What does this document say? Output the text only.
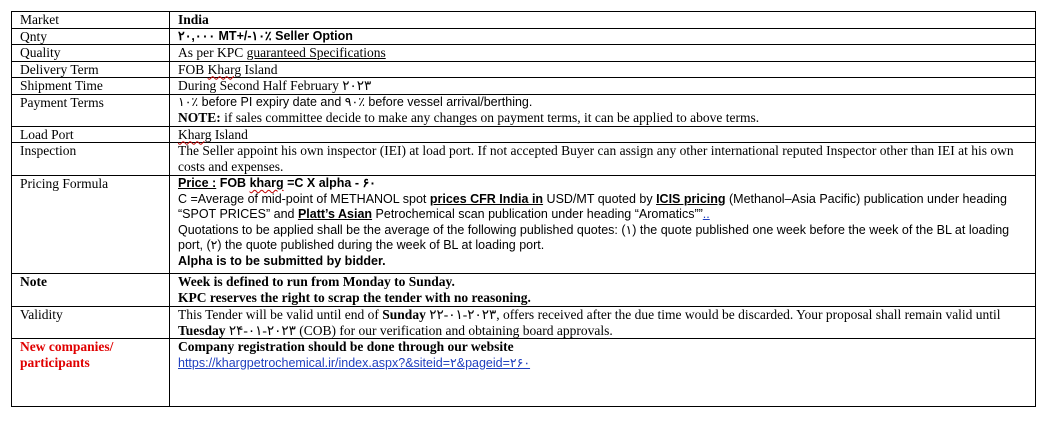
Market	India
Qnty	۲۰,۰۰۰ MT+/-۱۰٪ Seller Option
Quality	As per KPC guaranteed Specifications
Delivery Term	FOB Kharg Island
Shipment Time	During Second Half February ۲۰۲۳
Payment Terms	۱۰٪ before PI expiry date and ۹۰٪ before vessel arrival/berthing.
NOTE: if sales committee decide to make any changes on payment terms, it can be applied to above terms.

Load Port	Kharg Island
Inspection	The Seller appoint his own inspector (IEI) at load port. If not accepted Buyer can assign any other international reputed Inspector other than IEI at his own costs and expenses.
Pricing Formula	Price : FOB kharg =C X alpha - ۶۰
C =Average of mid-point of METHANOL spot prices CFR India in USD/MT quoted by ICIS pricing (Methanol–Asia Pacific) publication under heading “SPOT PRICES” and Platt’s Asian Petrochemical scan publication under heading “Aromatics””..
Quotations to be applied shall be the average of the following published quotes: (۱) the quote published one week before the week of the BL at loading port, (۲) the quote published during the week of BL at loading port.
Alpha is to be submitted by bidder.

Note	Week is defined to run from Monday to Sunday.
KPC reserves the right to scrap the tender with no reasoning.

Validity	This Tender will be valid until end of Sunday ۲۲-۰۱-۲۰۲۳, offers received after the due time would be discarded. Your proposal shall remain valid until Tuesday ۲۴-۰۱-۲۰۲۳ (COB) for our verification and obtaining board approvals.
New companies/ participants	Company registration should be done through our website
https://khargpetrochemical.ir/index.aspx?&siteid=۲&pageid=۲۶۰
